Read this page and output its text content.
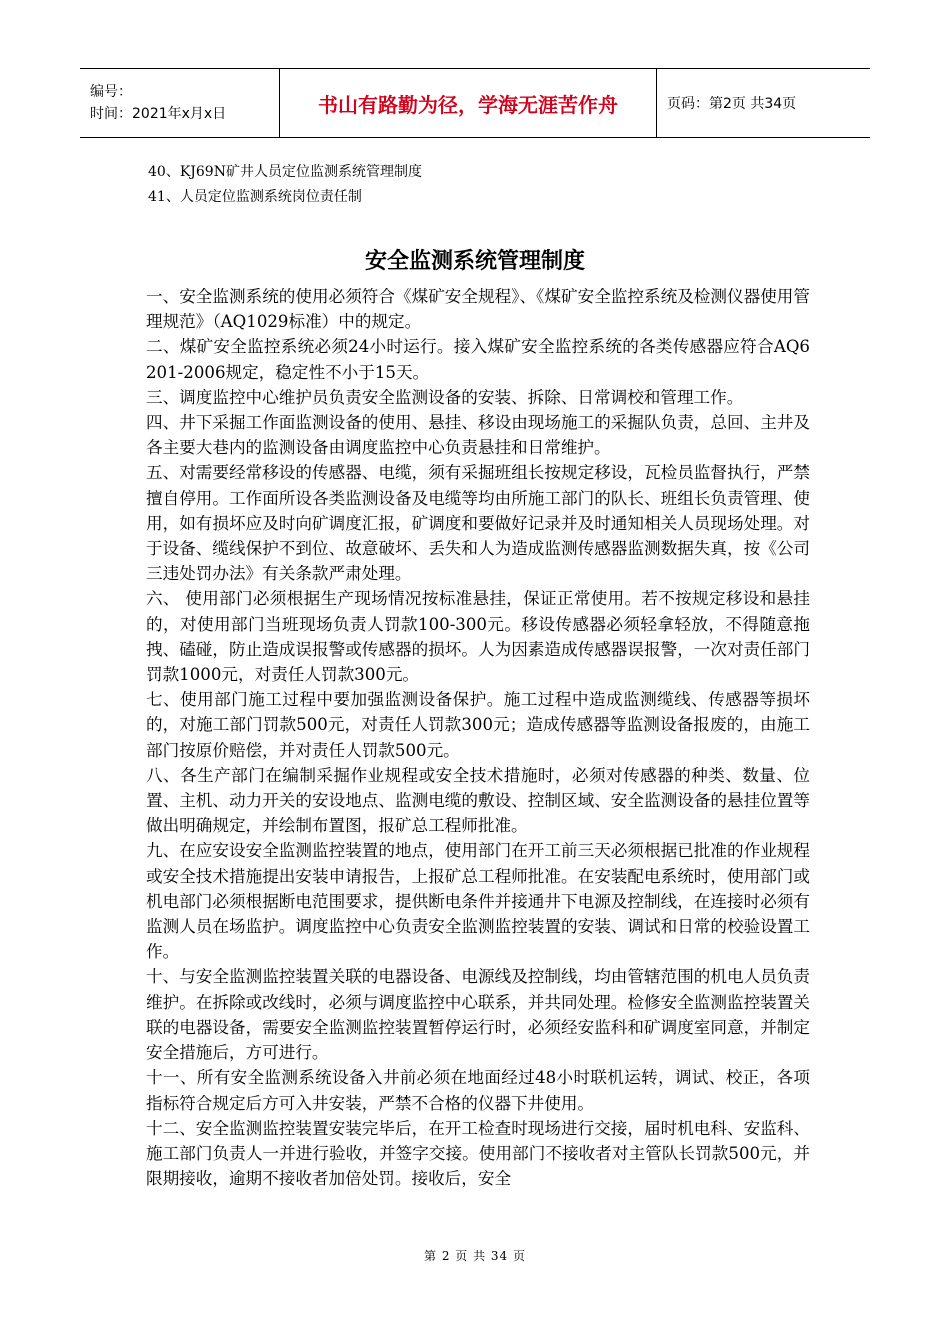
编号：
时间：2021年x月x日	书山有路勤为径，学海无涯苦作舟	页码：第2页 共34页
40、KJ69N矿井人员定位监测系统管理制度
41、人员定位监测系统岗位责任制
安全监测系统管理制度

一、安全监测系统的使用必须符合《煤矿安全规程》、《煤矿安全监控系统及检测仪器使用管理规范》（AQ1029标准）中的规定。

二、煤矿安全监控系统必须24小时运行。接入煤矿安全监控系统的各类传感器应符合AQ6201-2006规定，稳定性不小于15天。

三、调度监控中心维护员负责安全监测设备的安装、拆除、日常调校和管理工作。

四、井下采掘工作面监测设备的使用、悬挂、移设由现场施工的采掘队负责，总回、主井及各主要大巷内的监测设备由调度监控中心负责悬挂和日常维护。

五、对需要经常移设的传感器、电缆，须有采掘班组长按规定移设，瓦检员监督执行，严禁擅自停用。工作面所设各类监测设备及电缆等均由所施工部门的队长、班组长负责管理、使用，如有损坏应及时向矿调度汇报，矿调度和要做好记录并及时通知相关人员现场处理。对于设备、缆线保护不到位、故意破坏、丢失和人为造成监测传感器监测数据失真，按《公司三违处罚办法》有关条款严肃处理。

六、 使用部门必须根据生产现场情况按标准悬挂，保证正常使用。若不按规定移设和悬挂的，对使用部门当班现场负责人罚款100-300元。移设传感器必须轻拿轻放，不得随意拖拽、磕碰，防止造成误报警或传感器的损坏。人为因素造成传感器误报警，一次对责任部门罚款1000元，对责任人罚款300元。

七、使用部门施工过程中要加强监测设备保护。施工过程中造成监测缆线、传感器等损坏的，对施工部门罚款500元，对责任人罚款300元；造成传感器等监测设备报废的，由施工部门按原价赔偿，并对责任人罚款500元。

八、各生产部门在编制采掘作业规程或安全技术措施时，必须对传感器的种类、数量、位置、主机、动力开关的安设地点、监测电缆的敷设、控制区域、安全监测设备的悬挂位置等做出明确规定，并绘制布置图，报矿总工程师批准。

九、在应安设安全监测监控装置的地点，使用部门在开工前三天必须根据已批准的作业规程或安全技术措施提出安装申请报告，上报矿总工程师批准。在安装配电系统时，使用部门或机电部门必须根据断电范围要求，提供断电条件并接通井下电源及控制线，在连接时必须有监测人员在场监护。调度监控中心负责安全监测监控装置的安装、调试和日常的校验设置工作。

十、与安全监测监控装置关联的电器设备、电源线及控制线，均由管辖范围的机电人员负责维护。在拆除或改线时，必须与调度监控中心联系，并共同处理。检修安全监测监控装置关联的电器设备，需要安全监测监控装置暂停运行时，必须经安监科和矿调度室同意，并制定安全措施后，方可进行。

十一、所有安全监测系统设备入井前必须在地面经过48小时联机运转，调试、校正，各项指标符合规定后方可入井安装，严禁不合格的仪器下井使用。

十二、安全监测监控装置安装完毕后，在开工检查时现场进行交接，届时机电科、安监科、施工部门负责人一并进行验收，并签字交接。使用部门不接收者对主管队长罚款500元，并限期接收，逾期不接收者加倍处罚。接收后，安全

第 2 页 共 34 页
